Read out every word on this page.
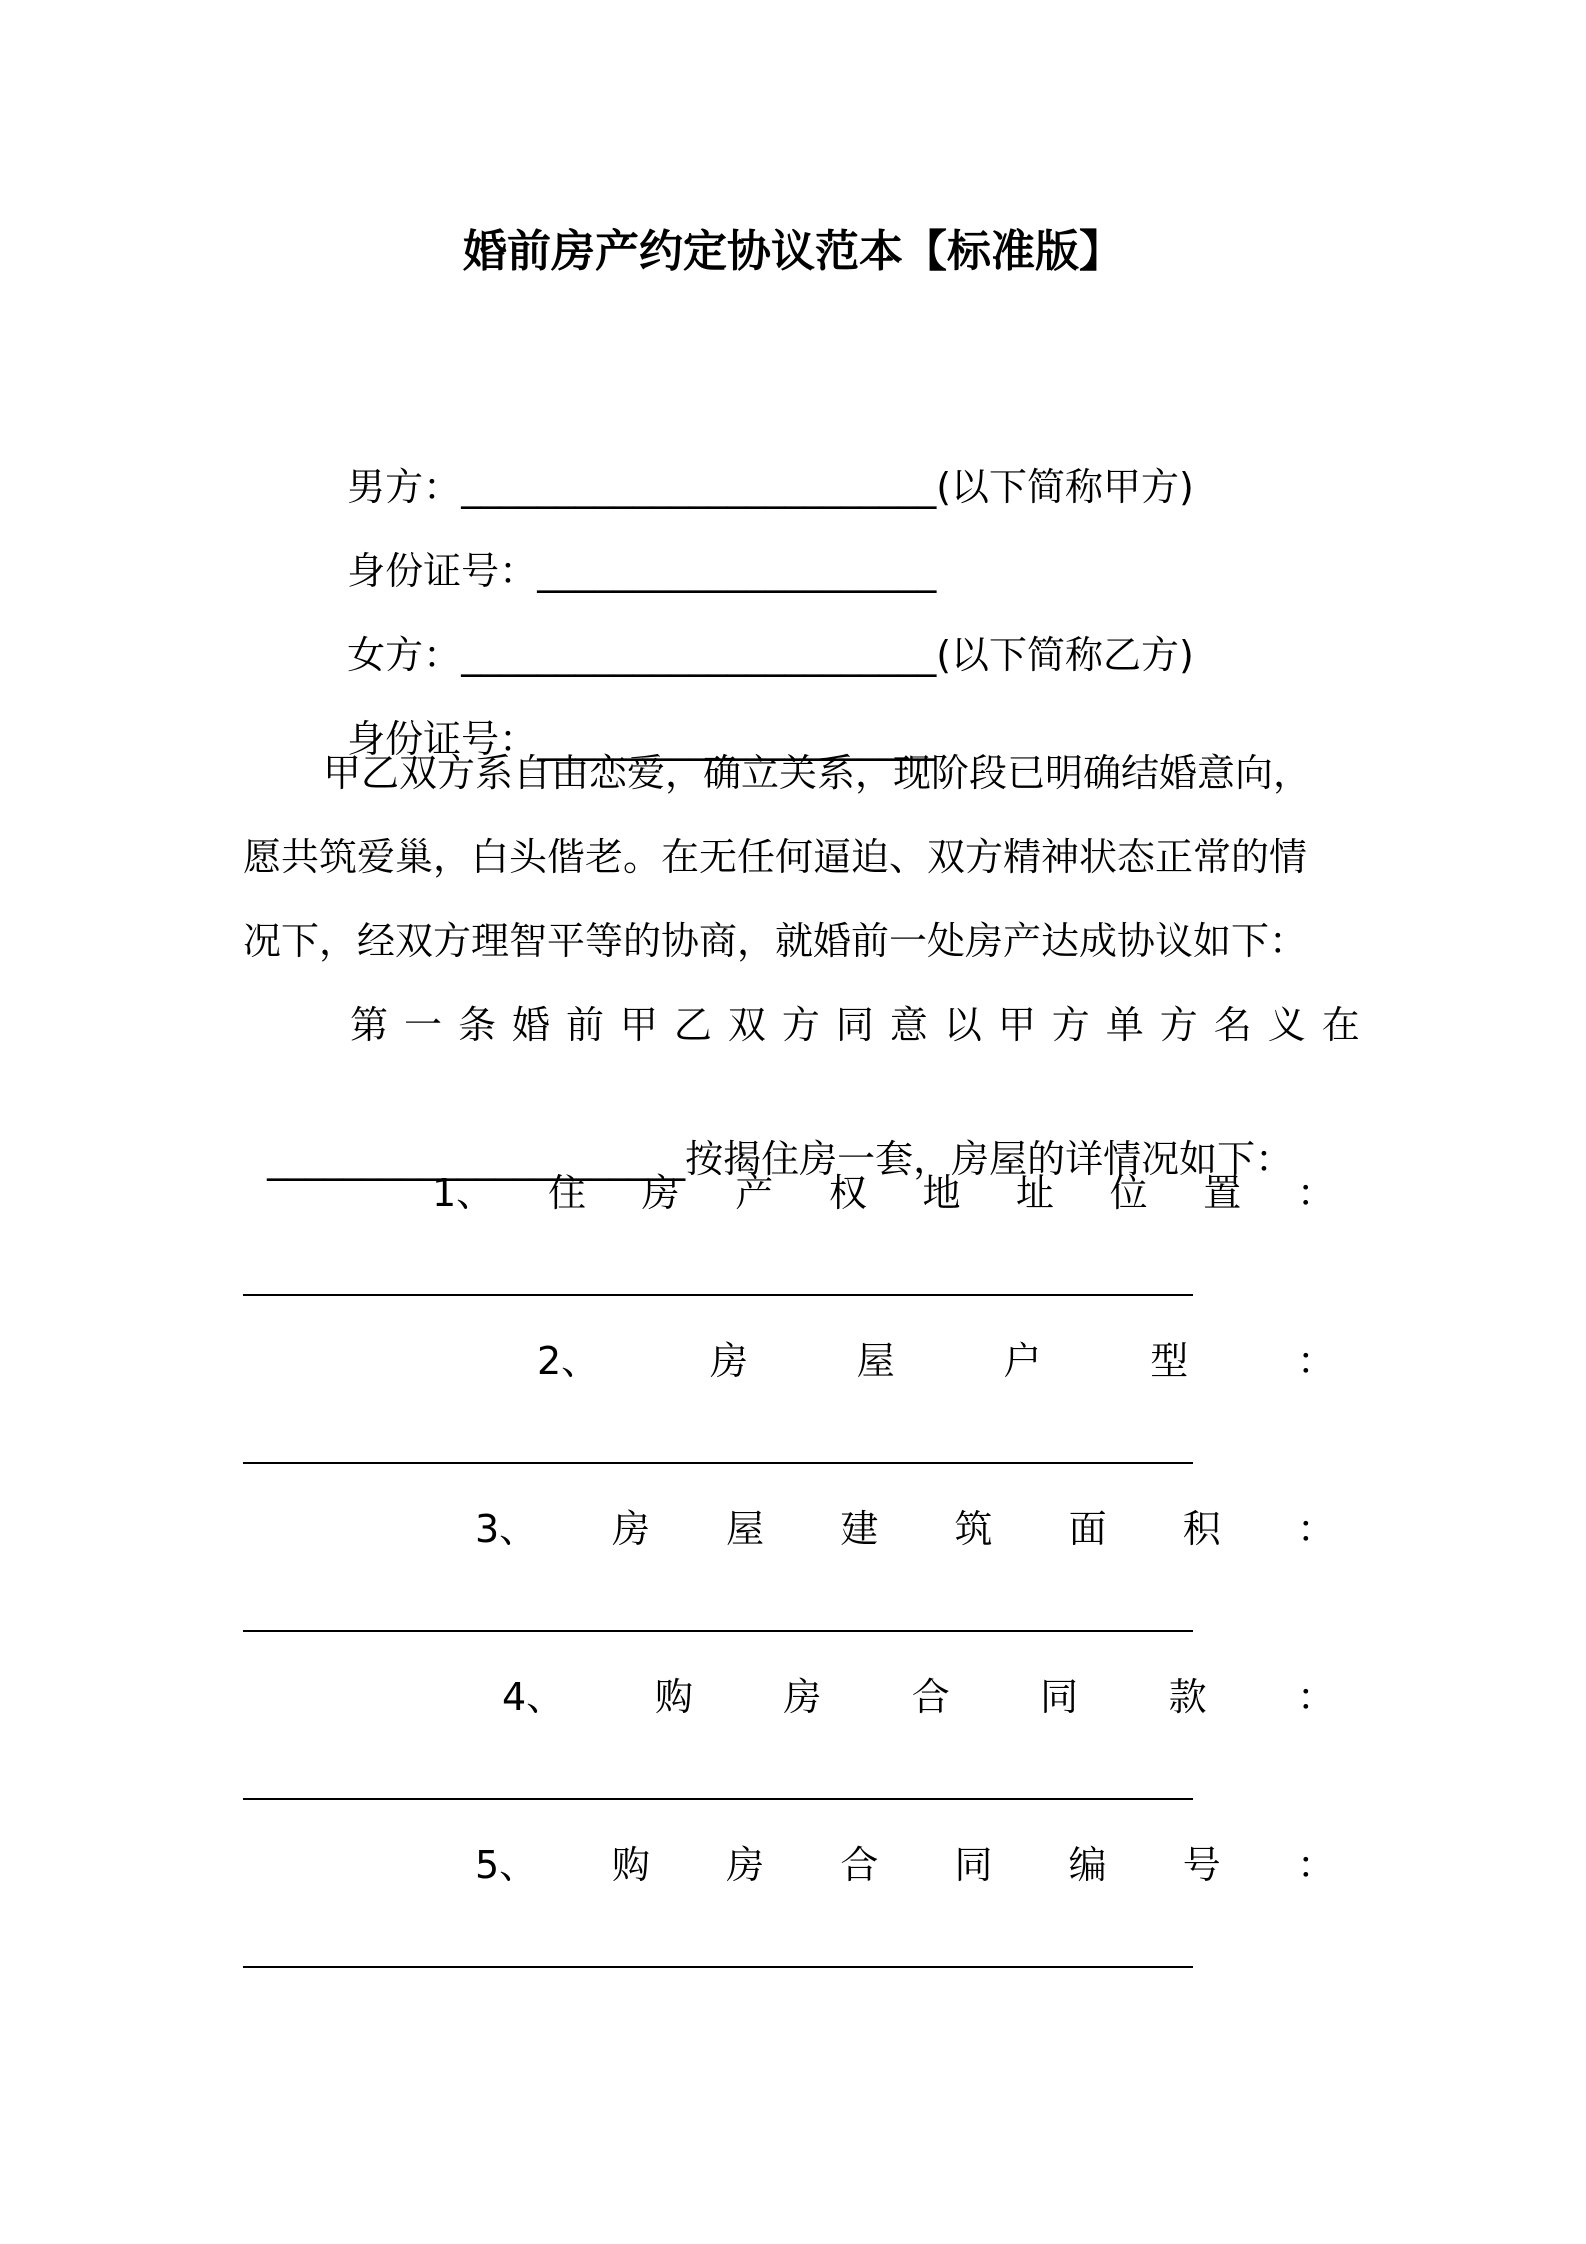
婚前房产约定协议范本【标准版】

男方：_________________________(以下简称甲方)

身份证号：_____________________

女方：_________________________(以下简称乙方)

身份证号：_____________________

甲乙双方系自由恋爱，确立关系，现阶段已明确结婚意向，
愿共筑爱巢，白头偕老。在无任何逼迫、双方精神状态正常的情
况下，经双方理智平等的协商，就婚前一处房产达成协议如下：
第 一 条 婚 前 甲 乙 双 方 同 意 以 甲 方 单 方 名 义 在

______________________按揭住房一套，房屋的详情况如下：

1、 住 房 产 权 地 址 位 置 ：
2、	房	屋	户	型	：
3、 房 屋 建 筑 面 积 ：
4、 购 房 合 同 款 ：
5、 购 房 合 同 编 号 ：
